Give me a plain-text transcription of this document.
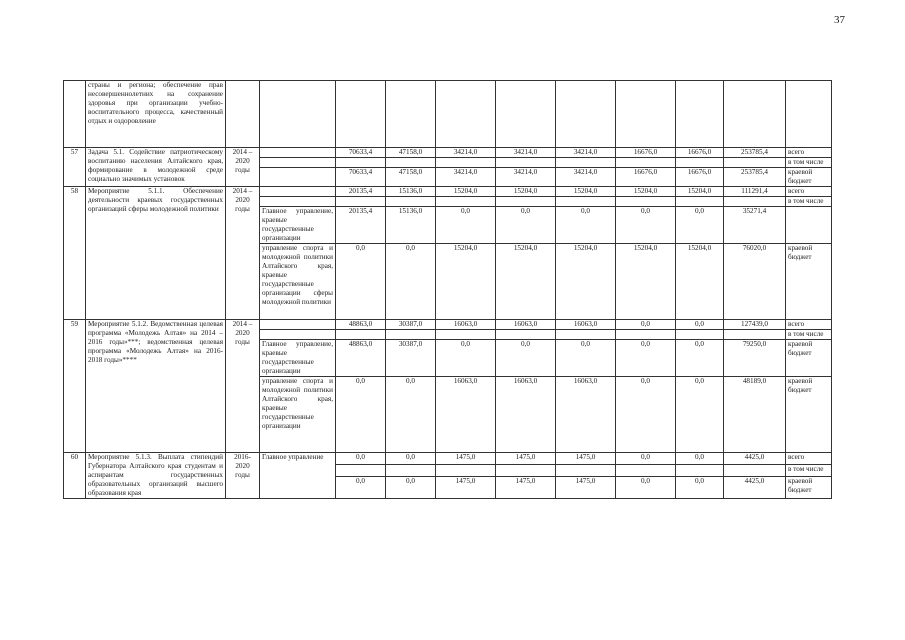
37
	страны и региона; обеспечение прав несовершеннолетних на сохранение здоровья при организации учебно-воспитательного процесса, качественный отдых и оздоровление											
57	Задача 5.1. Содействие патриотическому воспитанию населения Алтайского края, формирование в молодежной среде социально значимых установок	2014 – 2020 годы		70633,4	47158,0	34214,0	34214,0	34214,0	16676,0	16676,0	253785,4	всего
												в том числе
				70633,4	47158,0	34214,0	34214,0	34214,0	16676,0	16676,0	253785,4	краевой бюджет
58	Мероприятие 5.1.1. Обеспечение деятельности краевых государственных организаций сферы молодежной политики	2014 – 2020 годы		20135,4	15136,0	15204,0	15204,0	15204,0	15204,0	15204,0	111291,4	всего
												в том числе
			Главное управление, краевые государственные организации	20135,4	15136,0	0,0	0,0	0,0	0,0	0,0	35271,4	
			управление спорта и молодежной политики Алтайского края, краевые государственные организации сферы молодежной политики	0,0	0,0	15204,0	15204,0	15204,0	15204,0	15204,0	76020,0	краевой бюджет
59	Мероприятие 5.1.2. Ведомственная целевая программа «Молодежь Алтая» на 2014 – 2016 годы»***; ведомственная целевая программа «Молодежь Алтая» на 2016-2018 годы»****	2014 – 2020 годы		48863,0	30387,0	16063,0	16063,0	16063,0	0,0	0,0	127439,0	всего
												в том числе
			Главное управление, краевые государственные организации	48863,0	30387,0	0,0	0,0	0,0	0,0	0,0	79250,0	краевой бюджет
			управление спорта и молодежной политики Алтайского края, краевые государственные организации	0,0	0,0	16063,0	16063,0	16063,0	0,0	0,0	48189,0	краевой бюджет
60	Мероприятие 5.1.3. Выплата стипендий Губернатора Алтайского края студентам и аспирантам государственных образовательных организаций высшего образования края	2016-2020 годы	Главное управление	0,0	0,0	1475,0	1475,0	1475,0	0,0	0,0	4425,0	всего
												в том числе
				0,0	0,0	1475,0	1475,0	1475,0	0,0	0,0	4425,0	краевой бюджет
